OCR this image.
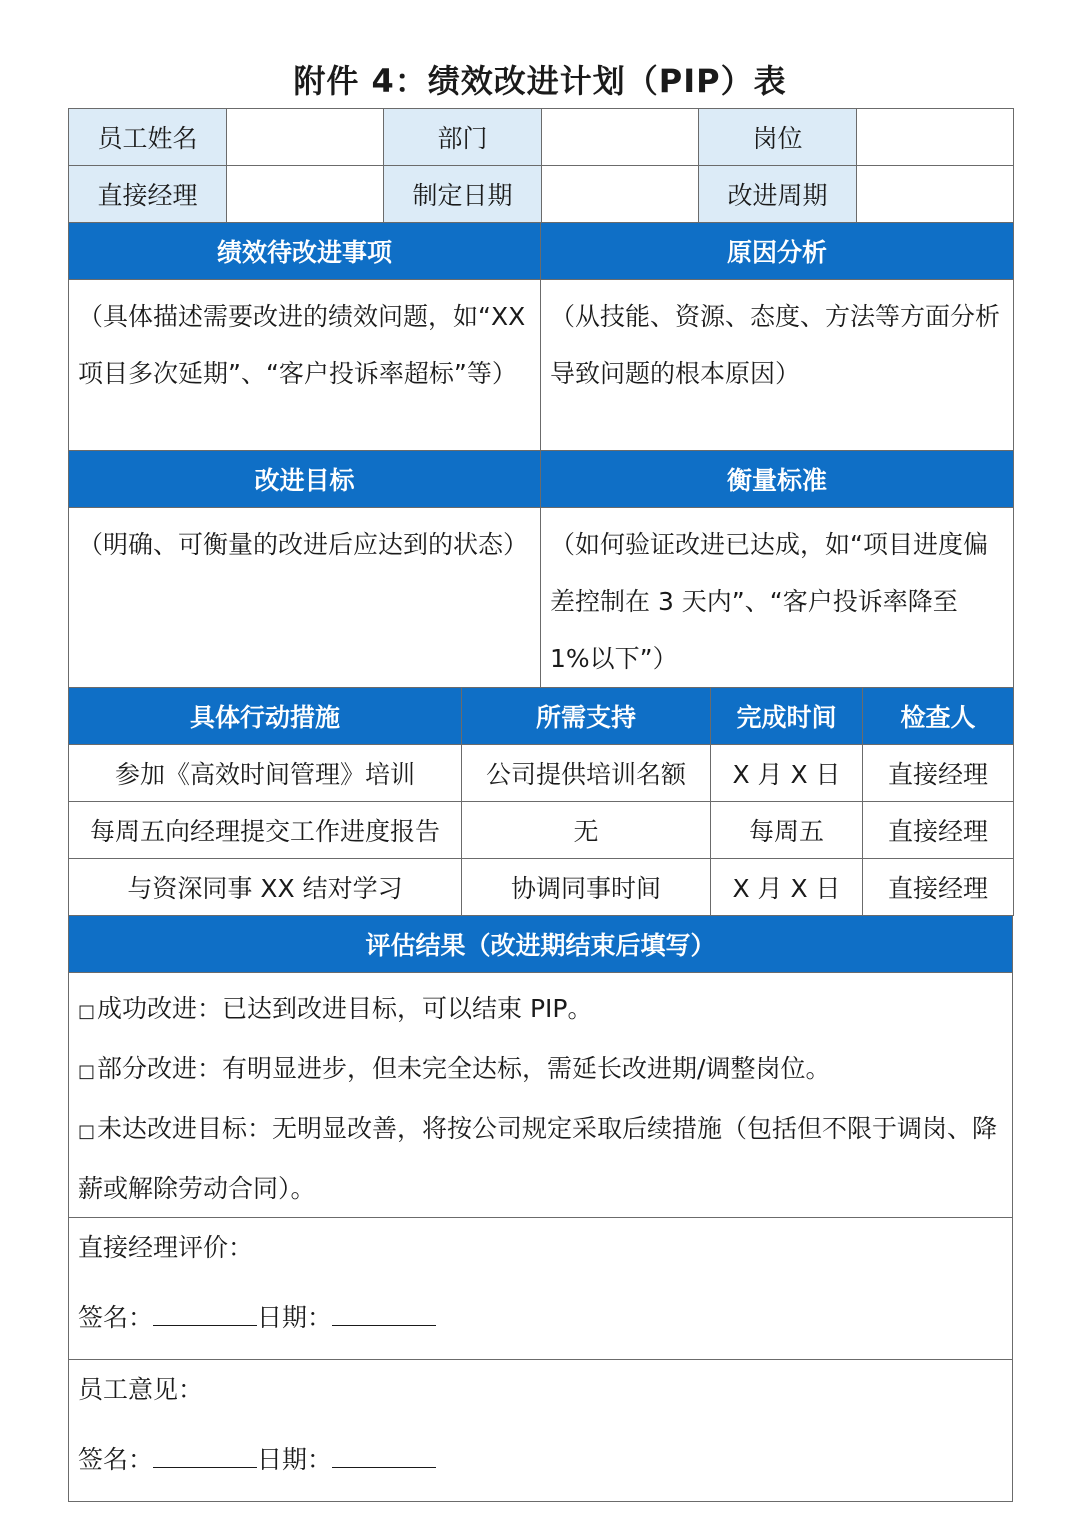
附件 4：绩效改进计划（PIP）表
员工姓名		部门		岗位	
直接经理		制定日期		改进周期	
绩效待改进事项	原因分析
（具体描述需要改进的绩效问题，如“XX 项目多次延期”、“客户投诉率超标”等）	（从技能、资源、态度、方法等方面分析导致问题的根本原因）
改进目标	衡量标准
（明确、可衡量的改进后应达到的状态）	（如何验证改进已达成，如“项目进度偏差控制在 3 天内”、“客户投诉率降至 1%以下”）
具体行动措施	所需支持	完成时间	检查人
参加《高效时间管理》培训	公司提供培训名额	X 月 X 日	直接经理
每周五向经理提交工作进度报告	无	每周五	直接经理
与资深同事 XX 结对学习	协调同事时间	X 月 X 日	直接经理
评估结果（改进期结束后填写）

□成功改进：已达到改进目标，可以结束 PIP。
□部分改进：有明显进步，但未完全达标，需延长改进期/调整岗位。
□未达改进目标：无明显改善，将按公司规定采取后续措施（包括但不限于调岗、降薪或解除劳动合同）。

直接经理评价：
签名：	日期：

员工意见：
签名：	日期：
